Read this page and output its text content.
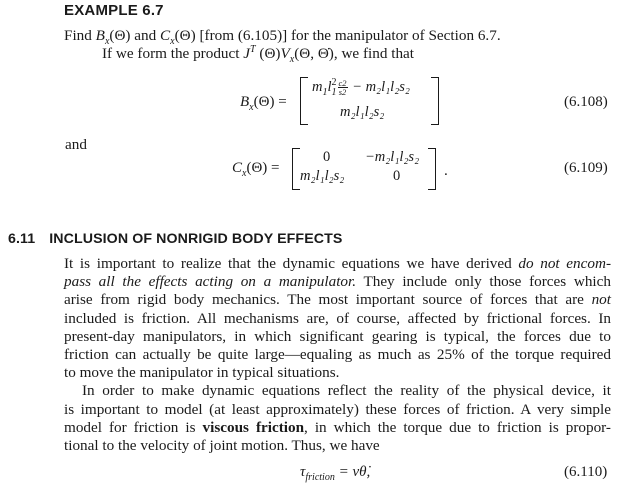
EXAMPLE 6.7
Find $B_x(\Theta)$ and $C_x(\Theta)$ [from (6.105)] for the manipulator of Section 6.7.
If we form the product $J^T$ $(\Theta)V_x(\Theta$, Θ̇), we find that
$B_x(\Theta)$ =
$m_1l_1^2 \frac{c2}{s2} - m_2l_1l_2s_2$
m₂l₁l₂s₂
(6.108)
and
$C_x(\Theta)$ =
0 −m₂l₁l₂s₂
m₂l₁l₂s₂	0	.	(6.109)
6.11 INCLUSION OF NONRIGID BODY EFFECTS
It is important to realize that the dynamic equations we have derived do not encom-
pass all the effects acting on a manipulator. They include only those forces which
arise from rigid body mechanics. The most important source of forces that are not
included is friction. All mechanisms are, of course, affected by frictional forces. In
present-day manipulators, in which significant gearing is typical, the forces due to
friction can actually be quite large—equaling as much as 25% of the torque required
to move the manipulator in typical situations.
In order to make dynamic equations reflect the reality of the physical device, it
is important to model (at least approximately) these forces of friction. A very simple
model for friction is viscous friction, in which the torque due to friction is propor-
tional to the velocity of joint motion. Thus, we have
$\tau_{friction}$ = vθ̇,	(6.110)
